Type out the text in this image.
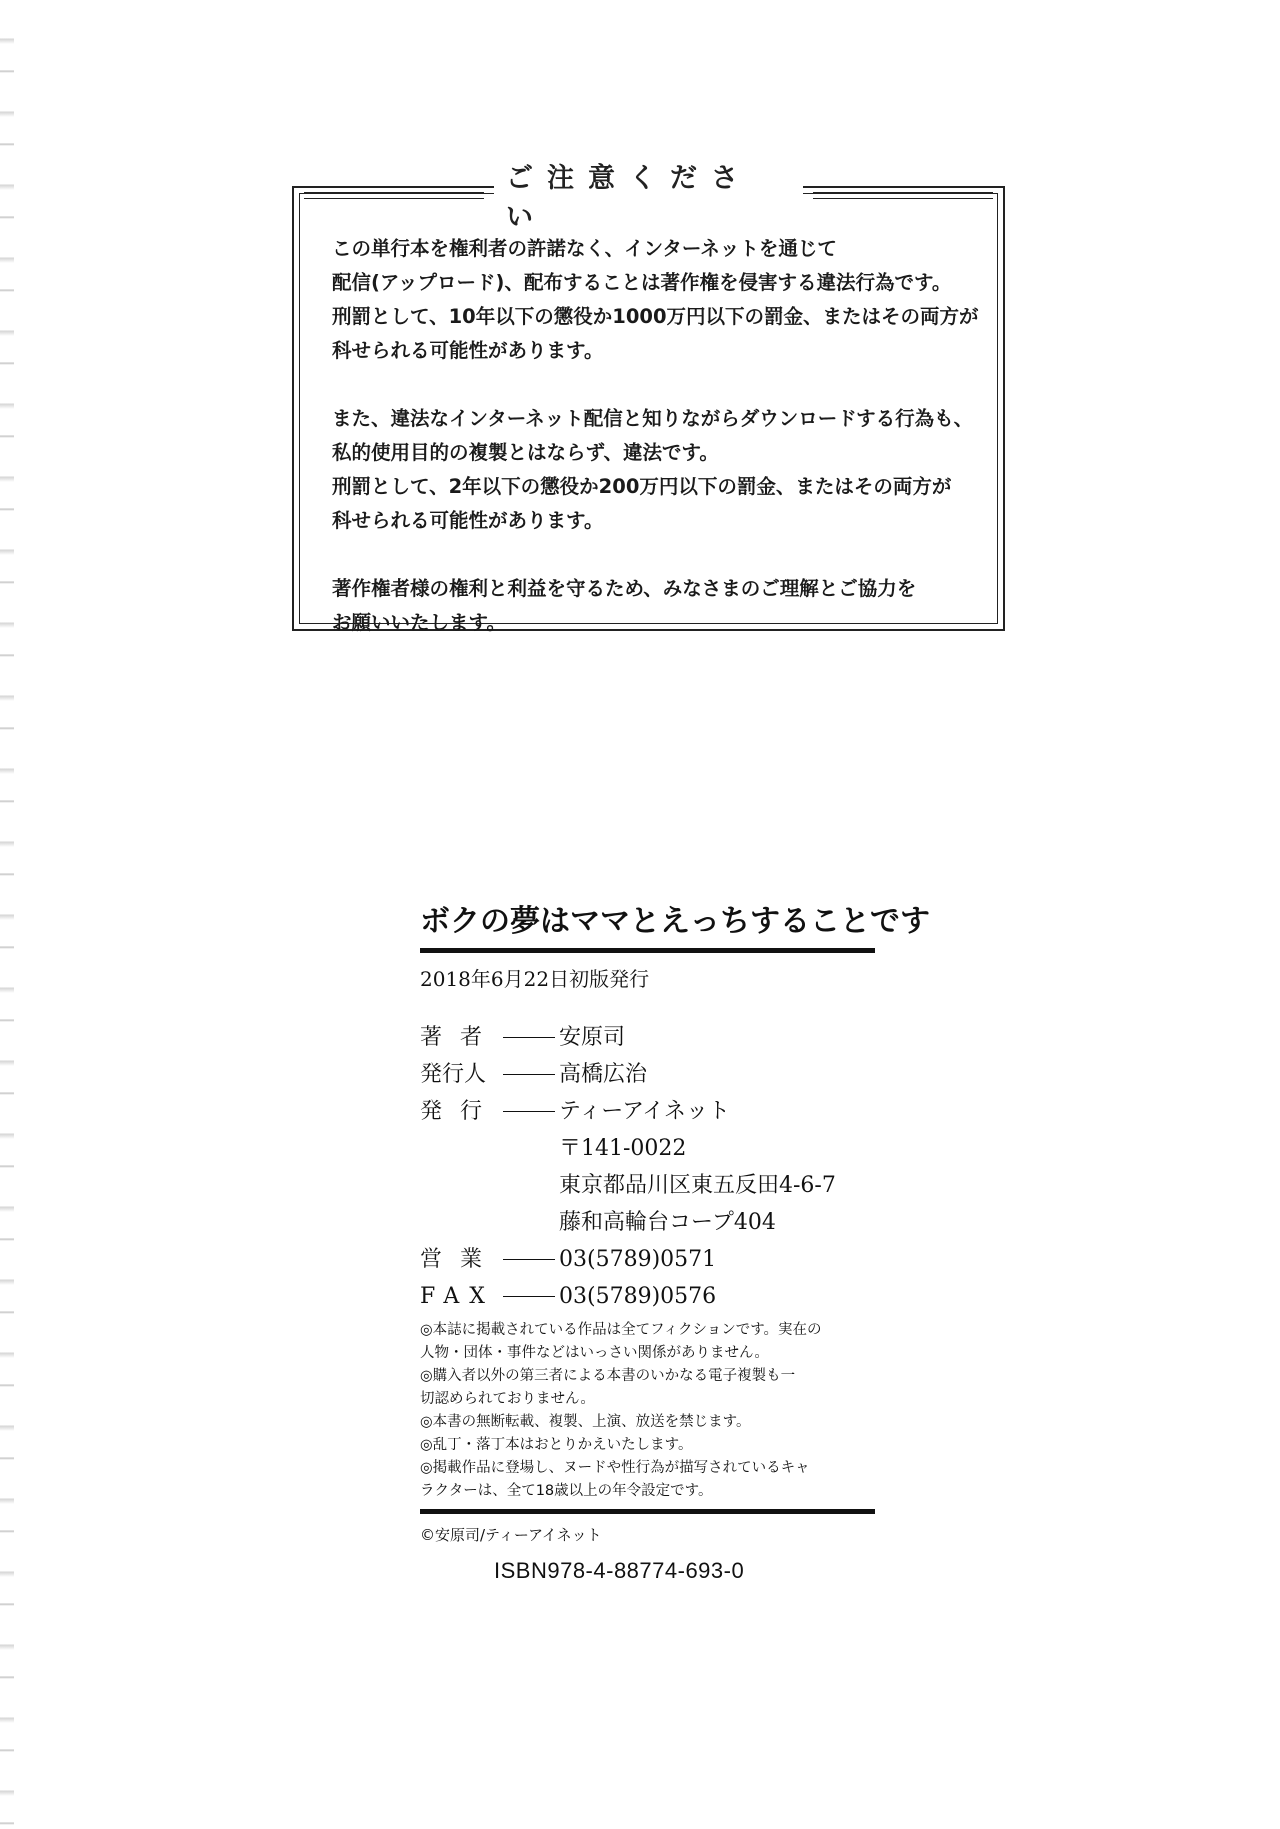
ご注意ください
この単行本を権利者の許諾なく、インターネットを通じて
配信(アップロード)、配布することは著作権を侵害する違法行為です。
刑罰として、10年以下の懲役か1000万円以下の罰金、またはその両方が
科せられる可能性があります。
また、違法なインターネット配信と知りながらダウンロードする行為も、
私的使用目的の複製とはならず、違法です。
刑罰として、2年以下の懲役か200万円以下の罰金、またはその両方が
科せられる可能性があります。
著作権者様の権利と利益を守るため、みなさまのご理解とご協力を
お願いいたします。
ボクの夢はママとえっちすることです
2018年6月22日初版発行
著者	安原司
発行人	高橋広治
発行	ティーアイネット
〒141-0022
東京都品川区東五反田4-6-7
藤和高輪台コープ404
営業	03(5789)0571
FAX	03(5789)0576
◎本誌に掲載されている作品は全てフィクションです。実在の
人物・団体・事件などはいっさい関係がありません。
◎購入者以外の第三者による本書のいかなる電子複製も一
切認められておりません。
◎本書の無断転載、複製、上演、放送を禁じます。
◎乱丁・落丁本はおとりかえいたします。
◎掲載作品に登場し、ヌードや性行為が描写されているキャ
ラクターは、全て18歳以上の年令設定です。
©安原司/ティーアイネット
ISBN978-4-88774-693-0
